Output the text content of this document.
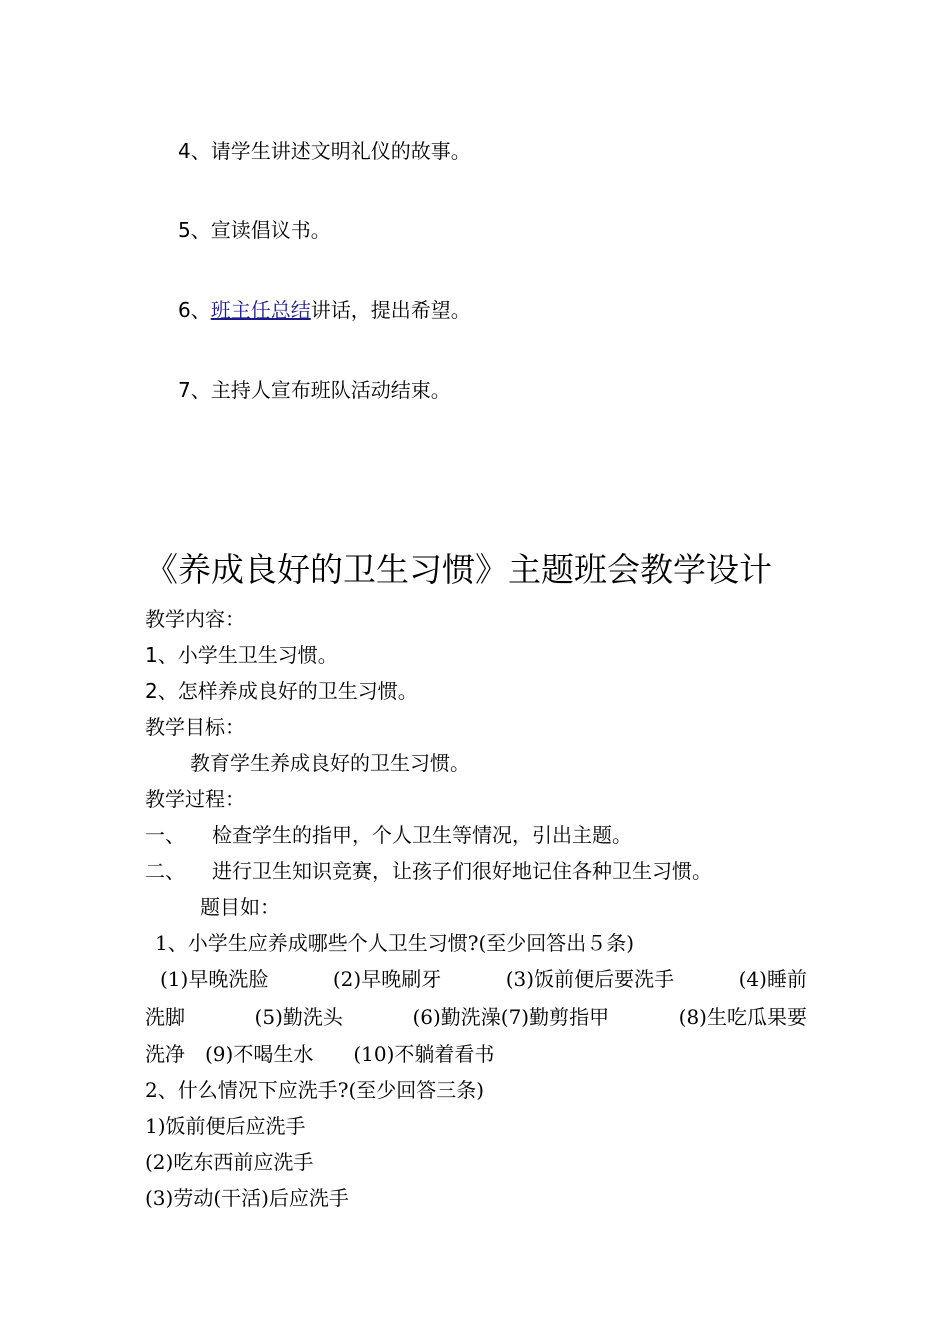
4、请学生讲述文明礼仪的故事。
5、宣读倡议书。
6、班主任总结讲话，提出希望。
7、主持人宣布班队活动结束。
《养成良好的卫生习惯》主题班会教学设计
教学内容：
1、小学生卫生习惯。
2、怎样养成良好的卫生习惯。
教学目标：
教育学生养成良好的卫生习惯。
教学过程：
一、 检查学生的指甲，个人卫生等情况，引出主题。
二、 进行卫生知识竞赛，让孩子们很好地记住各种卫生习惯。
题目如：
1、小学生应养成哪些个人卫生习惯?(至少回答出５条)
(1)早晚洗脸	(2)早晚刷牙	(3)饭前便后要洗手	(4)睡前
洗脚	(5)勤洗头	(6)勤洗澡(7)勤剪指甲	(8)生吃瓜果要
洗净　(9)不喝生水　　(10)不躺着看书
2、什么情况下应洗手?(至少回答三条)
1)饭前便后应洗手
(2)吃东西前应洗手
(3)劳动(干活)后应洗手
